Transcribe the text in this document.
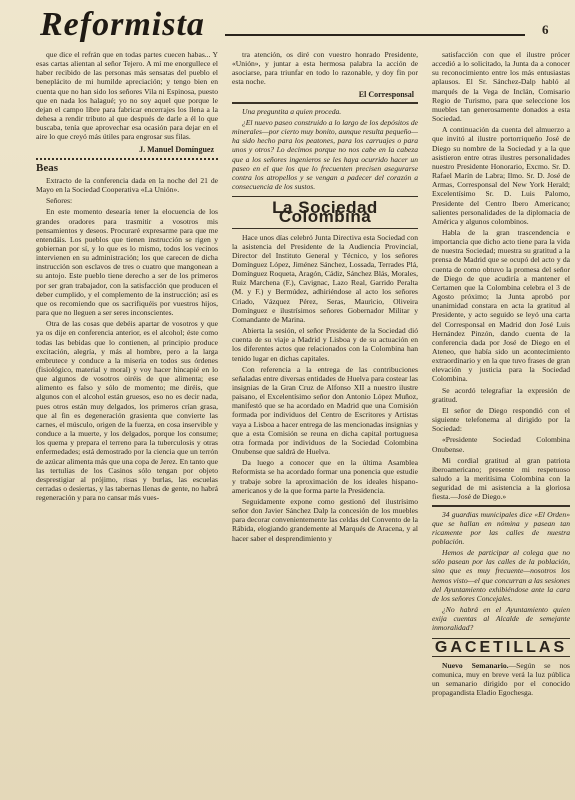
Reformista	6

que dice el refrán que en todas partes cuecen habas... Y esas cartas alientan al señor Tejero. A mí me enorgullece el haber recibido de las personas más sensatas del pueblo el beneplácito de mi humilde apreciación; y tengo bien en cuenta que no han sido los señores Vila ni Espinosa, puesto que en nada los halagué; yo no soy aquel que porque le dejan el campo libre para fabricar encerrajes los llena a la dehesa a rendir tributo al que después de darle a él lo que buscaba, tenía que aprovechar esa ocasión para dejar en el aire lo que creyó más útiles para engrosar sus filas.

J. Manuel Domínguez
Beas

Extracto de la conferencia dada en la noche del 21 de Mayo en la Sociedad Cooperativa «La Unión».

Señores:

En este momento desearía tener la elocuencia de los grandes oradores para trasmitir a vosotros mis pensamientos y deseos. Procuraré expresarme para que me entendáis. Los pueblos que tienen instrucción se rigen y gobiernan por sí, y lo que es lo mismo, todos los vecinos intervienen en su administración; los que carecen de dicha instrucción son esclavos de tres o cuatro que mangonean a su antojo. Este pueblo tiene derecho a ser de los primeros por ser gran trabajador, con la satisfacción que producen el deber cumplido, y el complemento de la instrucción; así es que os recomiendo que os sacrifiquéis por vuestros hijos, para que no lleguen a ser seres inconscientes.

Otra de las cosas que debéis apartar de vosotros y que ya os dije en conferencia anterior, es el alcohol; éste como todas las bebidas que lo contienen, al principio produce excitación, alegría, y más al hombre, pero a la larga embrutece y conduce a la miseria en todos sus órdenes (fisiológico, material y moral) y voy hacer hincapié en lo que algunos de vosotros oiréis de que alimenta; ese alimento es falso y sólo de momento; me diréis, que algunos con el alcohol están gruesos, eso no es decir nada, pues otros están muy delgados, los primeros crían grasa, que al fin es degeneración grasienta que convierte las carnes, el músculo, origen de la fuerza, en cosa inservible y conduce a la muerte, y los delgados, porque los consume; los quema y prepara el terreno para la tuberculosis y otras enfermedades; está demostrado por la ciencia que un terrón de azúcar alimenta más que una copa de Jerez. En tanto que las tertulias de los Casinos sólo tengan por objeto desprestigiar al prójimo, risas y burlas, las escuelas cerradas o desiertas, y las tabernas llenas de gente, no habrá regeneración y para no cansar más vues-

tra atención, os diré con vuestro honrado Presidente, «Unión», y juntar a esta hermosa palabra la acción de asociarse, para triunfar en todo lo razonable, y doy fin por esta noche.

El Corresponsal

Una preguntita a quien proceda.

¿El nuevo paseo construido a lo largo de los depósitos de minerales—por cierto muy bonito, aunque resulta pequeño—ha sido hecho para los peatones, para los carruajes o para unos y otros? Lo decimos porque no nos cabe en la cabeza que a los señores ingenieros se les haya ocurrido hacer un paseo en el que los que lo frecuenten precisen asegurarse contra los atropellos y se vengan a padecer del corazón a consecuencia de los sustos.

La Sociedad Colombina

Hace unos días celebró Junta Directiva esta Sociedad con la asistencia del Presidente de la Audiencia Provincial, Director del Instituto General y Técnico, y los señores Domínguez López, Jiménez Sánchez, Lossada, Terrades Plá, Domínguez Roqueta, Aragón, Cádiz, Sánchez Blás, Morales, Ruiz Marchena (F.), Cavignac, Lazo Real, Garrido Peralta (M. y F.) y Bermúdez, adhiriéndose al acto los señores Criado, Vázquez Pérez, Seras, Mauricio, Oliveira Domínguez e ilustrísimos señores Gobernador Militar y Comandante de Marina.

Abierta la sesión, el señor Presidente de la Sociedad dió cuenta de su viaje a Madrid y Lisboa y de su actuación en los diferentes actos que relacionados con la Colombina han tenido lugar en dichas capitales.

Con referencia a la entrega de las contribuciones señaladas entre diversas entidades de Huelva para costear las insignias de la Gran Cruz de Alfonso XII a nuestro ilustre paisano, el Excelentísimo señor don Antonio López Muñoz, manifestó que se ha acordado en Madrid que una Comisión formada por individuos del Centro de Escritores y Artistas vaya a Lisboa a hacer entrega de las mencionadas insignias y que a esta Comisión se reuna en dicha capital portuguesa otra formada por individuos de la Sociedad Colombina Onubense que saldrá de Huelva.

Da luego a conocer que en la última Asamblea Reformista se ha acordado formar una ponencia que estudie y trabaje sobre la aproximación de los ideales hispano-americanos y de la que forma parte la Presidencia.

Seguidamente expone como gestionó del ilustrísimo señor don Javier Sánchez Dalp la concesión de los muebles para decorar convenientemente las celdas del Convento de la Rábida, elogiando grandemente al Marqués de Aracena, y al hacer saber el desprendimiento y

satisfacción con que el ilustre prócer accedió a lo solicitado, la Junta da a conocer su reconocimiento entre los más entusiastas aplausos. El Sr. Sánchez-Dalp habló al marqués de la Vega de Inclán, Comisario Regio de Turismo, para que seleccione los muebles tan generosamente donados a esta Sociedad.

A continuación da cuenta del almuerzo a que invitó al ilustre portorriqueño José de Diego su nombre de la Sociedad y a la que asistieron entre otras ilustres personalidades nuestro Presidente Honorario, Excmo. Sr. D. Rafael Marín de Labra; Ilmo. Sr. D. José de Armas, Corresponsal del New York Herald; Excelentísimo Sr. D. Luis Palomo, Presidente del Centro Ibero Americano; salientes personalidades de la diplomacia de América y algunos colombinos.

Habla de la gran trascendencia e importancia que dicho acto tiene para la vida de nuestra Sociedad; muestra su gratitud a la prensa de Madrid que se ocupó del acto y da cuenta de como obtuvo la promesa del señor de Diego de que acudiría a mantener el Certamen que la Colombina celebra el 3 de Agosto próximo; la Junta aprobó por unanimidad constara en acta la gratitud al Presidente, y acto seguido se leyó una carta del Corresponsal en Madrid don José Luis Hernández Pinzón, dando cuenta de la conferencia dada por José de Diego en el Ateneo, que había sido un acontecimiento extraordinario y en la que tuvo frases de gran elevación y justicia para la Sociedad Colombina.

Se acordó telegrafiar la expresión de gratitud.

El señor de Diego respondió con el siguiente telefonema al dirigido por la Sociedad:

«Presidente Sociedad Colombina Onubense.

Mi cordial gratitud al gran patriota iberoamericano; presente mi respetuoso saludo a la meritísima Colombina con la seguridad de mi asistencia a la gloriosa fiesta.—José de Diego.»

34 guardias municipales dice «El Orden» que se hallan en nómina y pasean tan ricamente por las calles de nuestra población.

Hemos de participar al colega que no sólo pasean por las calles de la población, sino que es muy frecuente—nosotros los hemos visto—el que concurran a las sesiones del Ayuntamiento exhibiéndose ante la cara de los señores Concejales.

¿No habrá en el Ayuntamiento quien exija cuentas al Alcalde de semejante inmoralidad?

GACETILLAS

Nuevo Semanario.—Según se nos comunica, muy en breve verá la luz pública un semanario dirigido por el conocido propagandista Eladio Egochesga.
